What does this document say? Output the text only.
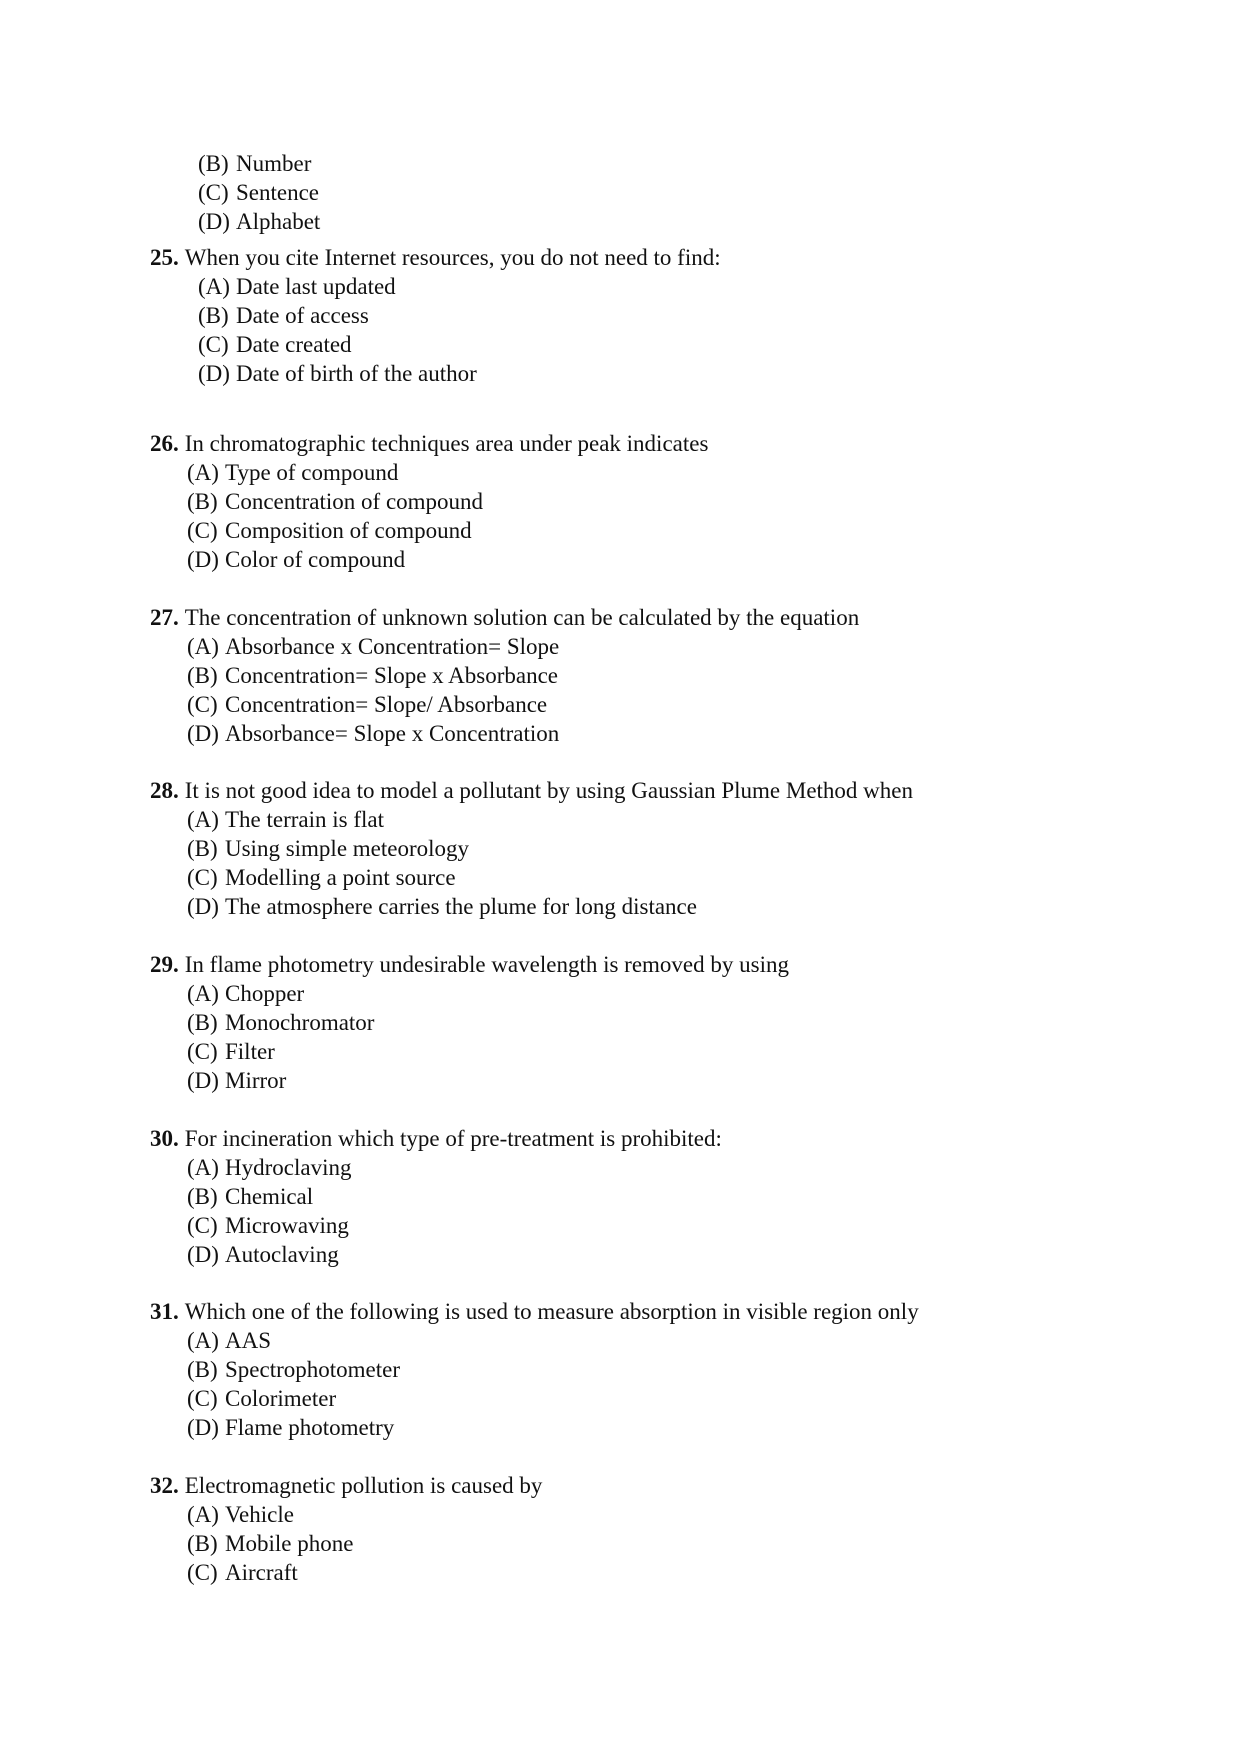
(B) Number
(C) Sentence
(D) Alphabet
25. When you cite Internet resources, you do not need to find:
(A) Date last updated
(B) Date of access
(C) Date created
(D) Date of birth of the author
26. In chromatographic techniques area under peak indicates
(A) Type of compound
(B) Concentration of compound
(C) Composition of compound
(D) Color of compound
27. The concentration of unknown solution can be calculated by the equation
(A) Absorbance x Concentration= Slope
(B) Concentration= Slope x Absorbance
(C) Concentration= Slope/ Absorbance
(D) Absorbance= Slope x Concentration
28. It is not good idea to model a pollutant by using Gaussian Plume Method when
(A) The terrain is flat
(B) Using simple meteorology
(C) Modelling a point source
(D) The atmosphere carries the plume for long distance
29. In flame photometry undesirable wavelength is removed by using
(A) Chopper
(B) Monochromator
(C) Filter
(D) Mirror
30. For incineration which type of pre-treatment is prohibited:
(A) Hydroclaving
(B) Chemical
(C) Microwaving
(D) Autoclaving
31. Which one of the following is used to measure absorption in visible region only
(A) AAS
(B) Spectrophotometer
(C) Colorimeter
(D) Flame photometry
32. Electromagnetic pollution is caused by
(A) Vehicle
(B) Mobile phone
(C) Aircraft
